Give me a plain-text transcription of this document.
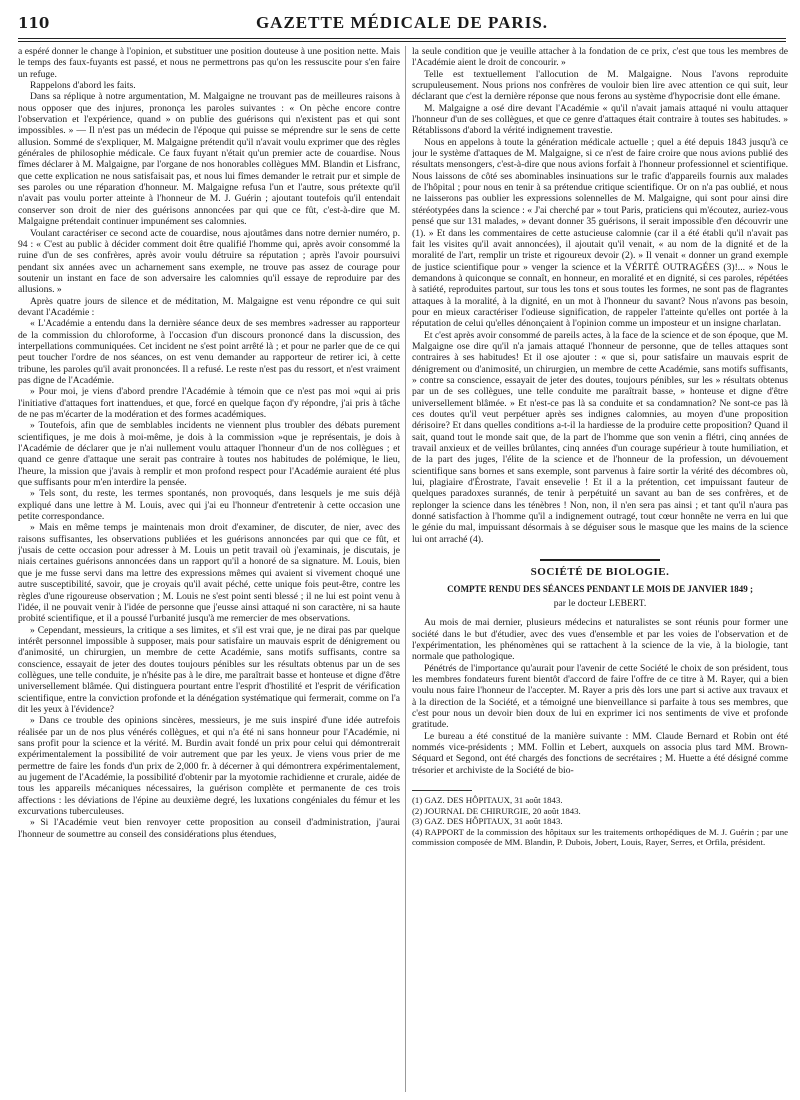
110	GAZETTE MÉDICALE DE PARIS.

a espéré donner le change à l'opinion, et substituer une position douteuse à une position nette. Mais le temps des faux-fuyants est passé, et nous ne permettrons pas qu'on les ressuscite pour s'en faire un refuge.

Rappelons d'abord les faits.

Dans sa réplique à notre argumentation, M. Malgaigne ne trouvant pas de meilleures raisons à nous opposer que des injures, prononça les paroles suivantes : « On pèche encore contre l'observation et l'expérience, quand » on publie des guérisons qui n'existent pas et qui sont impossibles. » — Il n'est pas un médecin de l'époque qui puisse se méprendre sur le sens de cette allusion. Sommé de s'expliquer, M. Malgaigne prétendit qu'il n'avait voulu exprimer que des règles générales de philosophie médicale. Ce faux fuyant n'était qu'un premier acte de couardise. Nous fîmes déclarer à M. Malgaigne, par l'organe de nos honorables collègues MM. Blandin et Lisfranc, que cette explication ne nous satisfaisait pas, et nous lui fîmes demander le retrait pur et simple de ses paroles ou une réparation d'honneur. M. Malgaigne refusa l'un et l'autre, sous prétexte qu'il n'avait pas voulu porter atteinte à l'honneur de M. J. Guérin ; ajoutant toutefois qu'il entendait conserver son droit de nier des guérisons annoncées par qui que ce fût, c'est-à-dire que M. Malgaigne prétendait continuer impunément ses calomnies.

Voulant caractériser ce second acte de couardise, nous ajoutâmes dans notre dernier numéro, p. 94 : « C'est au public à décider comment doit être qualifié l'homme qui, après avoir consommé la ruine d'un de ses confrères, après avoir voulu détruire sa réputation ; après l'avoir poursuivi pendant six années avec un acharnement sans exemple, ne trouve pas assez de courage pour soutenir un instant en face de son adversaire les calomnies qu'il essaye de reproduire par des allusions. »

Après quatre jours de silence et de méditation, M. Malgaigne est venu répondre ce qui suit devant l'Académie :

« L'Académie a entendu dans la dernière séance deux de ses membres »adresser au rapporteur de la commission du chloroforme, à l'occasion d'un discours prononcé dans la discussion, des interpellations communiquées. Cet incident ne s'est point arrêté là ; et pour ne parler que de ce qui peut toucher l'ordre de nos séances, on est venu demander au rapporteur de retirer ici, à cette tribune, les paroles qu'il avait prononcées. Il a refusé. Le reste n'est pas du ressort, et n'est vraiment pas digne de l'Académie.

» Pour moi, je viens d'abord prendre l'Académie à témoin que ce n'est pas moi »qui ai pris l'initiative d'attaques fort inattendues, et que, forcé en quelque façon d'y répondre, j'ai pris à tâche de ne pas m'écarter de la modération et des formes académiques.

» Toutefois, afin que de semblables incidents ne viennent plus troubler des débats purement scientifiques, je me dois à moi-même, je dois à la commission »que je représentais, je dois à l'Académie de déclarer que je n'ai nullement voulu attaquer l'honneur d'un de nos collègues ; et quand ce genre d'attaque une serait pas contraire à toutes nos habitudes de polémique, le lieu, l'heure, la mission que j'avais à remplir et mon profond respect pour l'Académie auraient été plus que suffisants pour m'en interdire la pensée.

» Tels sont, du reste, les termes spontanés, non provoqués, dans lesquels je me suis déjà expliqué dans une lettre à M. Louis, avec qui j'ai eu l'honneur d'entretenir à cette occasion une petite correspondance.

» Mais en même temps je maintenais mon droit d'examiner, de discuter, de nier, avec des raisons suffisantes, les observations publiées et les guérisons annoncées par qui que ce fût, et j'usais de cette occasion pour adresser à M. Louis un petit travail où j'examinais, je discutais, je niais certaines guérisons annoncées dans un rapport qu'il a honoré de sa signature. M. Louis, bien que je me fusse servi dans ma lettre des expressions mêmes qui avaient si vivement choqué une autre susceptibilité, savoir, que je croyais qu'il avait péché, cette unique fois peut-être, contre les règles d'une rigoureuse observation ; M. Louis ne s'est point senti blessé ; il ne lui est point venu à l'idée, il ne pouvait venir à l'idée de personne que j'eusse ainsi attaqué ni son caractère, ni sa haute probité scientifique, et il a poussé l'urbanité jusqu'à me remercier de mes observations.

» Cependant, messieurs, la critique a ses limites, et s'il est vrai que, je ne dirai pas par quelque intérêt personnel impossible à supposer, mais pour satisfaire un mauvais esprit de dénigrement ou d'animosité, un chirurgien, un membre de cette Académie, sans motifs suffisants, contre sa conscience, essayait de jeter des doutes toujours pénibles sur les résultats obtenus par un de ses collègues, une telle conduite, je n'hésite pas à le dire, me paraîtrait basse et honteuse et digne d'être universellement blâmée. Qui distinguera pourtant entre l'esprit d'hostilité et l'esprit de vérification scientifique, entre la conviction profonde et la dénégation systématique qui fermerait, comme on l'a dit les yeux à l'évidence?

» Dans ce trouble des opinions sincères, messieurs, je me suis inspiré d'une idée autrefois réalisée par un de nos plus vénérés collègues, et qui n'a été ni sans honneur pour l'Académie, ni sans profit pour la science et la vérité. M. Burdin avait fondé un prix pour celui qui démontrerait expérimentalement la possibilité de voir autrement que par les yeux. Je viens vous prier de me permettre de faire les fonds d'un prix de 2,000 fr. à décerner à qui démontrera expérimentalement, au jugement de l'Académie, la possibilité d'obtenir par la myotomie rachidienne et crurale, aidée de tous les appareils mécaniques nécessaires, la guérison complète et permanente de ces trois affections : les déviations de l'épine au deuxième degré, les luxations congéniales du fémur et les excurvations tuberculeuses.

» Si l'Académie veut bien renvoyer cette proposition au conseil d'administration, j'aurai l'honneur de soumettre au conseil des considérations plus étendues,

la seule condition que je veuille attacher à la fondation de ce prix, c'est que tous les membres de l'Académie aient le droit de concourir. »

Telle est textuellement l'allocution de M. Malgaigne. Nous l'avons reproduite scrupuleusement. Nous prions nos confrères de vouloir bien lire avec attention ce qui suit, leur déclarant que c'est la dernière réponse que nous ferons au système d'hypocrisie dont elle émane.

M. Malgaigne a osé dire devant l'Académie « qu'il n'avait jamais attaqué ni voulu attaquer l'honneur d'un de ses collègues, et que ce genre d'attaques était contraire à toutes ses habitudes. » Rétablissons d'abord la vérité indignement travestie.

Nous en appelons à toute la génération médicale actuelle ; quel a été depuis 1843 jusqu'à ce jour le système d'attaques de M. Malgaigne, si ce n'est de faire croire que nous avions publié des résultats mensongers, c'est-à-dire que nous avions forfait à l'honneur professionnel et scientifique. Nous laissons de côté ses abominables insinuations sur le trafic d'appareils fournis aux malades de l'hôpital ; pour nous en tenir à sa prétendue critique scientifique. Or on n'a pas oublié, et nous ne laisserons pas oublier les expressions solennelles de M. Malgaigne, qui sont pour ainsi dire stéréotypées dans la science : « J'ai cherché par » tout Paris, praticiens qui m'écoutez, auriez-vous pensé que sur 131 malades, » devant donner 35 guérisons, il serait impossible d'en découvrir une (1). » Et dans les commentaires de cette astucieuse calomnie (car il a été établi qu'il n'avait pas fait les visites qu'il avait annoncées), il ajoutait qu'il venait, « au nom de la dignité et de la moralité de l'art, remplir un triste et rigoureux devoir (2). » Il venait « donner un grand exemple de justice scientifique pour » venger la science et la VÉRITÉ OUTRAGÉES (3)!... » Nous le demandons à quiconque se connaît, en honneur, en moralité et en dignité, si ces paroles, répétées à satiété, reproduites partout, sur tous les tons et sous toutes les formes, ne sont pas de flagrantes attaques à la moralité, à la dignité, en un mot à l'honneur du savant? Nous n'avons pas besoin, pour en mieux caractériser l'odieuse signification, de rappeler l'atteinte qu'elles ont portée à la réputation de celui qu'elles dénonçaient à l'opinion comme un imposteur et un insigne charlatan.

Et c'est après avoir consommé de pareils actes, à la face de la science et de son époque, que M. Malgaigne ose dire qu'il n'a jamais attaqué l'honneur de personne, que de telles attaques sont contraires à ses habitudes! Et il ose ajouter : « que si, pour satisfaire un mauvais esprit de dénigrement ou d'animosité, un chirurgien, un membre de cette Académie, sans motifs suffisants, » contre sa conscience, essayait de jeter des doutes, toujours pénibles, sur les » résultats obtenus par un de ses collègues, une telle conduite me paraîtrait basse, » honteuse et digne d'être universellement blâmée. » Et n'est-ce pas là sa conduite et sa condamnation? Ne sont-ce pas là ces doutes qu'il veut perpétuer après ses indignes calomnies, au moyen d'une proposition dérisoire? Et dans quelles conditions a-t-il la hardiesse de la produire cette proposition? Quand il sait, quand tout le monde sait que, de la part de l'homme que son venin a flétri, cinq années de travail anxieux et de veilles brûlantes, cinq années d'un courage supérieur à toute humiliation, et de la part des juges, l'élite de la science et de l'honneur de la profession, un dévouement scientifique sans bornes et sans exemple, sont parvenus à faire sortir la vérité des décombres où, lui, plagiaire d'Érostrate, l'avait ensevelie ! Et il a la prétention, cet impuissant fauteur de quelques paradoxes surannés, de tenir à perpétuité un savant au ban de ses confrères, et de replonger la science dans les ténèbres ! Non, non, il n'en sera pas ainsi ; et tant qu'il n'aura pas donné satisfaction à l'homme qu'il a indignement outragé, tout cœur honnête ne verra en lui que le génie du mal, impuissant désormais à se déguiser sous le masque que les mains de la science lui ont arraché (4).

SOCIÉTÉ DE BIOLOGIE.
COMPTE RENDU DES SÉANCES PENDANT LE MOIS DE JANVIER 1849 ;
par le docteur LEBERT.

Au mois de mai dernier, plusieurs médecins et naturalistes se sont réunis pour former une société dans le but d'étudier, avec des vues d'ensemble et par les voies de l'observation et de l'expérimentation, les phénomènes qui se rattachent à la science de la vie, à la biologie, tant normale que pathologique.

Pénétrés de l'importance qu'aurait pour l'avenir de cette Société le choix de son président, tous les membres fondateurs furent bientôt d'accord de faire l'offre de ce titre à M. Rayer, qui a bien voulu nous faire l'honneur de l'accepter. M. Rayer a pris dès lors une part si active aux travaux et à la direction de la Société, et a témoigné une bienveillance si parfaite à tous ses membres, que c'est pour nous un devoir bien doux de lui en exprimer ici nos sentiments de vive et profonde gratitude.

Le bureau a été constitué de la manière suivante : MM. Claude Bernard et Robin ont été nommés vice-présidents ; MM. Follin et Lebert, auxquels on associa plus tard MM. Brown-Séquard et Segond, ont été chargés des fonctions de secrétaires ; M. Huette a été désigné comme trésorier et archiviste de la Société de bio-

(1) GAZ. DES HÔPITAUX, 31 août 1843.

(2) JOURNAL DE CHIRURGIE, 20 août 1843.

(3) GAZ. DES HÔPITAUX, 31 août 1843.

(4) RAPPORT de la commission des hôpitaux sur les traitements orthopédiques de M. J. Guérin ; par une commission composée de MM. Blandin, P. Dubois, Jobert, Louis, Rayer, Serres, et Orfila, président.
